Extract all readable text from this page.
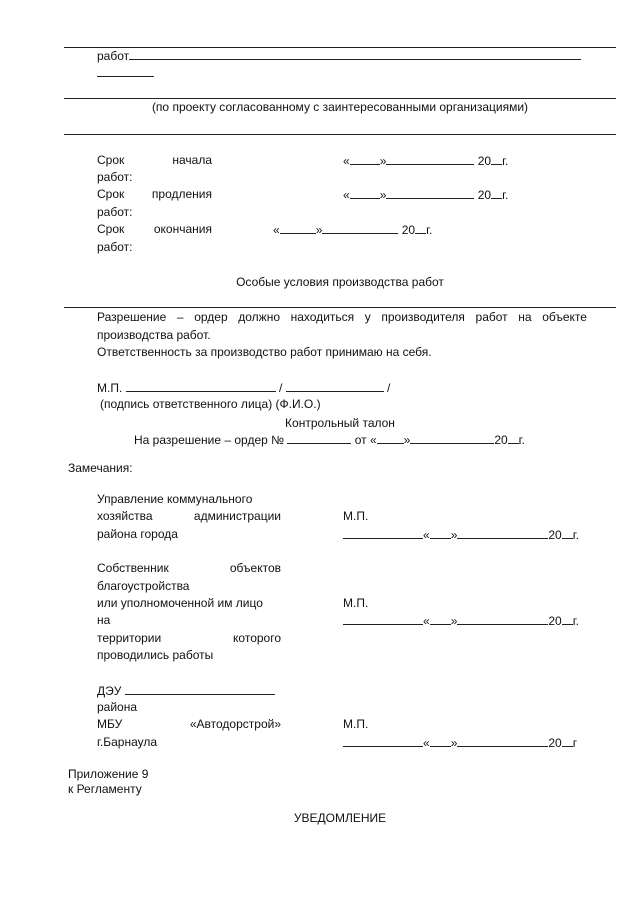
работ
(по проекту согласованному с заинтересованными организациями)
Срок	начала
работ:
«	»	20 г.
Срок продления
работ:
«	»	20 г.
Срок окончания
работ:
«	»	20 г.
Особые условия производства работ
Разрешение – ордер должно находиться у производителя работ на объекте
производства работ.
Ответственность за производство работ принимаю на себя.
М.П.	/	/
(подпись ответственного лица) (Ф.И.О.)
Контрольный талон
На разрешение – ордер №	от « »	20 г.
Замечания:
Управление коммунального
хозяйства	администрации
района города
М.П.
« »	20 г.
Собственник	объектов
благоустройства
или уполномоченной им лицо
на
территории	которого
проводились работы
М.П.
« »	20 г.
ДЭУ
района
МБУ	«Автодорстрой»
г.Барнаула
М.П.
« »	20 г
Приложение 9
к Регламенту
УВЕДОМЛЕНИЕ
